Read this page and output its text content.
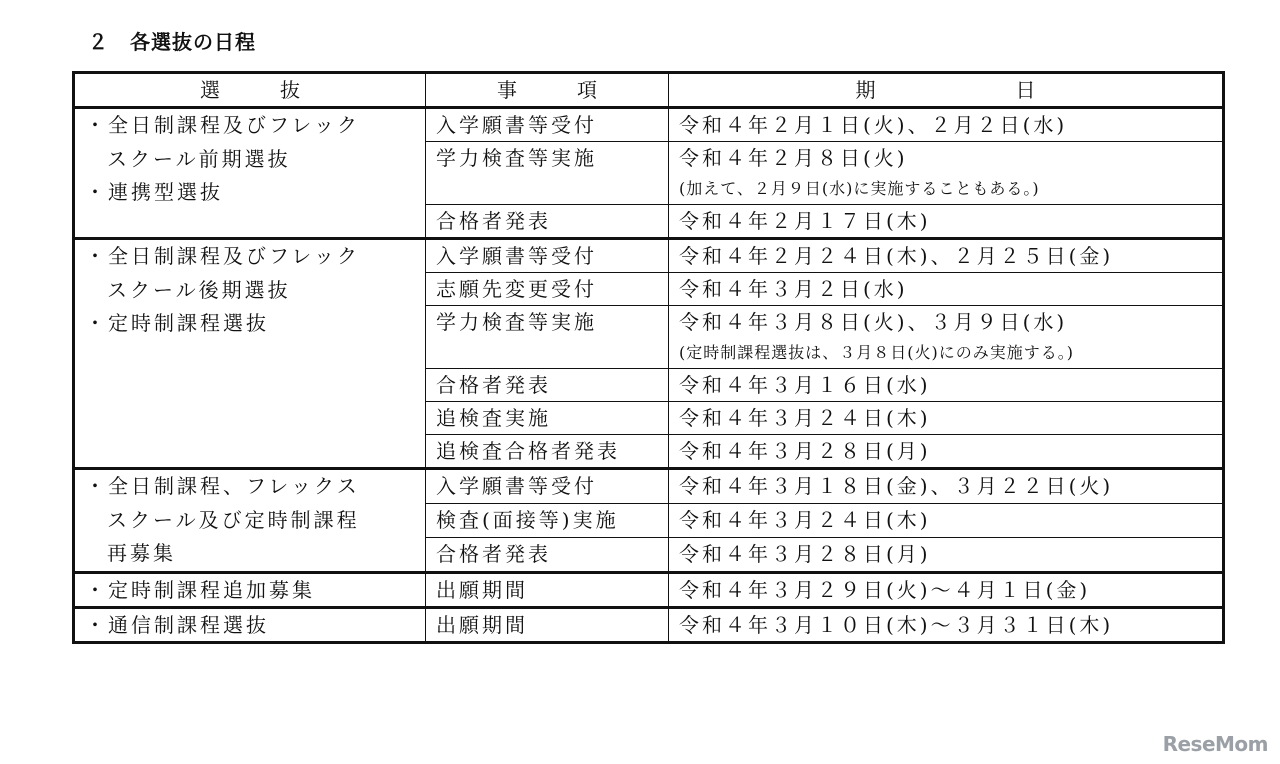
２　各選抜の日程
選　　　抜	事　　　項	期　　　　　　　日

・全日制課程及びフレック
スクール前期選抜
・連携型選抜	入学願書等受付	令和４年２月１日(火)、２月２日(水)
	学力検査等実施	令和４年２月８日(火)
(加えて、２月９日(水)に実施することもある。)

	合格者発表	令和４年２月１７日(木)

・全日制課程及びフレック
スクール後期選抜
・定時制課程選抜	入学願書等受付	令和４年２月２４日(木)、２月２５日(金)
	志願先変更受付	令和４年３月２日(水)
	学力検査等実施	令和４年３月８日(火)、３月９日(水)
(定時制課程選抜は、３月８日(火)にのみ実施する。)

	合格者発表	令和４年３月１６日(水)
	追検査実施	令和４年３月２４日(木)
	追検査合格者発表	令和４年３月２８日(月)

・全日制課程、フレックス
スクール及び定時制課程
再募集	入学願書等受付	令和４年３月１８日(金)、３月２２日(火)
	検査(面接等)実施	令和４年３月２４日(木)
	合格者発表	令和４年３月２８日(月)
・定時制課程追加募集	出願期間	令和４年３月２９日(火)～４月１日(金)
・通信制課程選抜	出願期間	令和４年３月１０日(木)～３月３１日(木)
ReseMom
